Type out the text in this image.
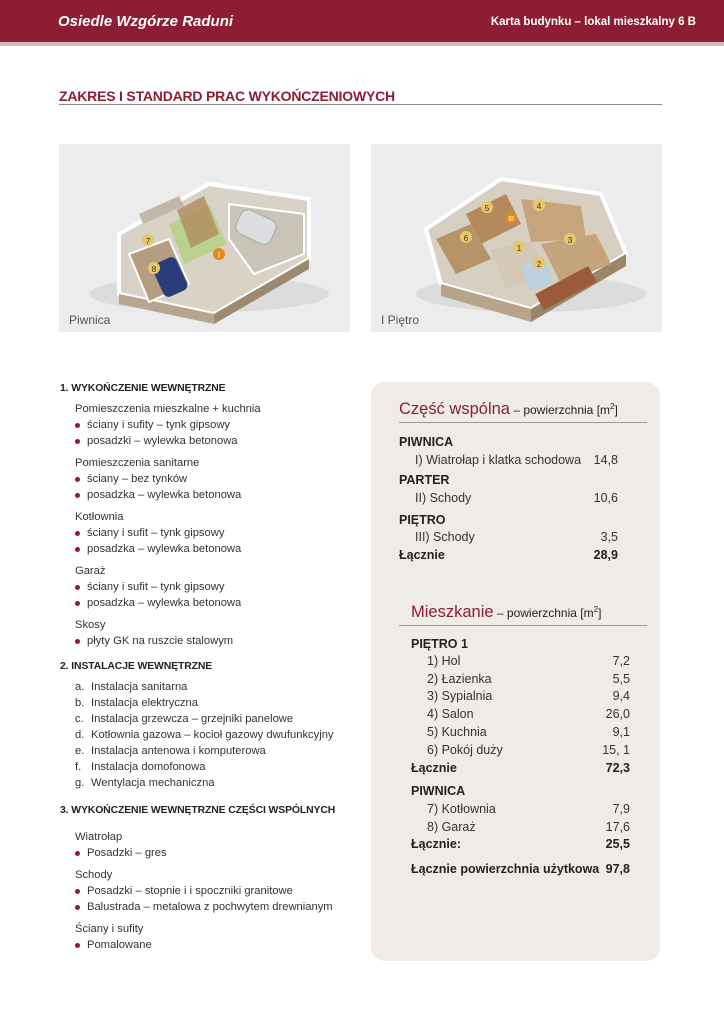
Osiedle Wzgórze Raduni	Karta budynku – lokal mieszkalny 6 B
ZAKRES I STANDARD PRAC WYKOŃCZENIOWYCH
I
7
8
Piwnica
1
2
3
4
5
6
III
I Piętro
1. WYKOŃCZENIE WEWNĘTRZNE
Pomieszczenia mieszkalne + kuchnia
ściany i sufity – tynk gipsowy
posadzki – wylewka betonowa
Pomieszczenia sanitarne
ściany – bez tynków
posadzka – wylewka betonowa
Kotłownia
ściany i sufit – tynk gipsowy
posadzka – wylewka betonowa
Garaż
ściany i sufit – tynk gipsowy
posadzka – wylewka betonowa
Skosy
płyty GK na ruszcie stalowym
2. INSTALACJE WEWNĘTRZNE
a. Instalacja sanitarna
b. Instalacja elektryczna
c. Instalacja grzewcza – grzejniki panelowe
d. Kotłownia gazowa – kocioł gazowy dwufunkcyjny
e. Instalacja antenowa i komputerowa
f. Instalacja domofonowa
g. Wentylacja mechaniczna
3. WYKOŃCZENIE WEWNĘTRZNE CZĘŚCI WSPÓLNYCH
Wiatrołap
Posadzki – gres
Schody
Posadzki – stopnie i i spoczniki granitowe
Balustrada – metalowa z pochwytem drewnianym
Ściany i sufity
Pomalowane
Część wspólna – powierzchnia $[m^2]$
PIWNICA
I) Wiatrołap i klatka schodowa 14,8
PARTER
II) Schody	10,6
PIĘTRO
III) Schody	3,5
Łącznie	28,9
Mieszkanie – powierzchnia $[m^2]$
PIĘTRO 1
1) Hol	7,2
2) Łazienka	5,5
3) Sypialnia	9,4
4) Salon	26,0
5) Kuchnia	9,1
6) Pokój duży	15, 1
Łącznie	72,3
PIWNICA
7) Kotłownia	7,9
8) Garaż	17,6
Łącznie:	25,5
Łącznie powierzchnia użytkowa 97,8
